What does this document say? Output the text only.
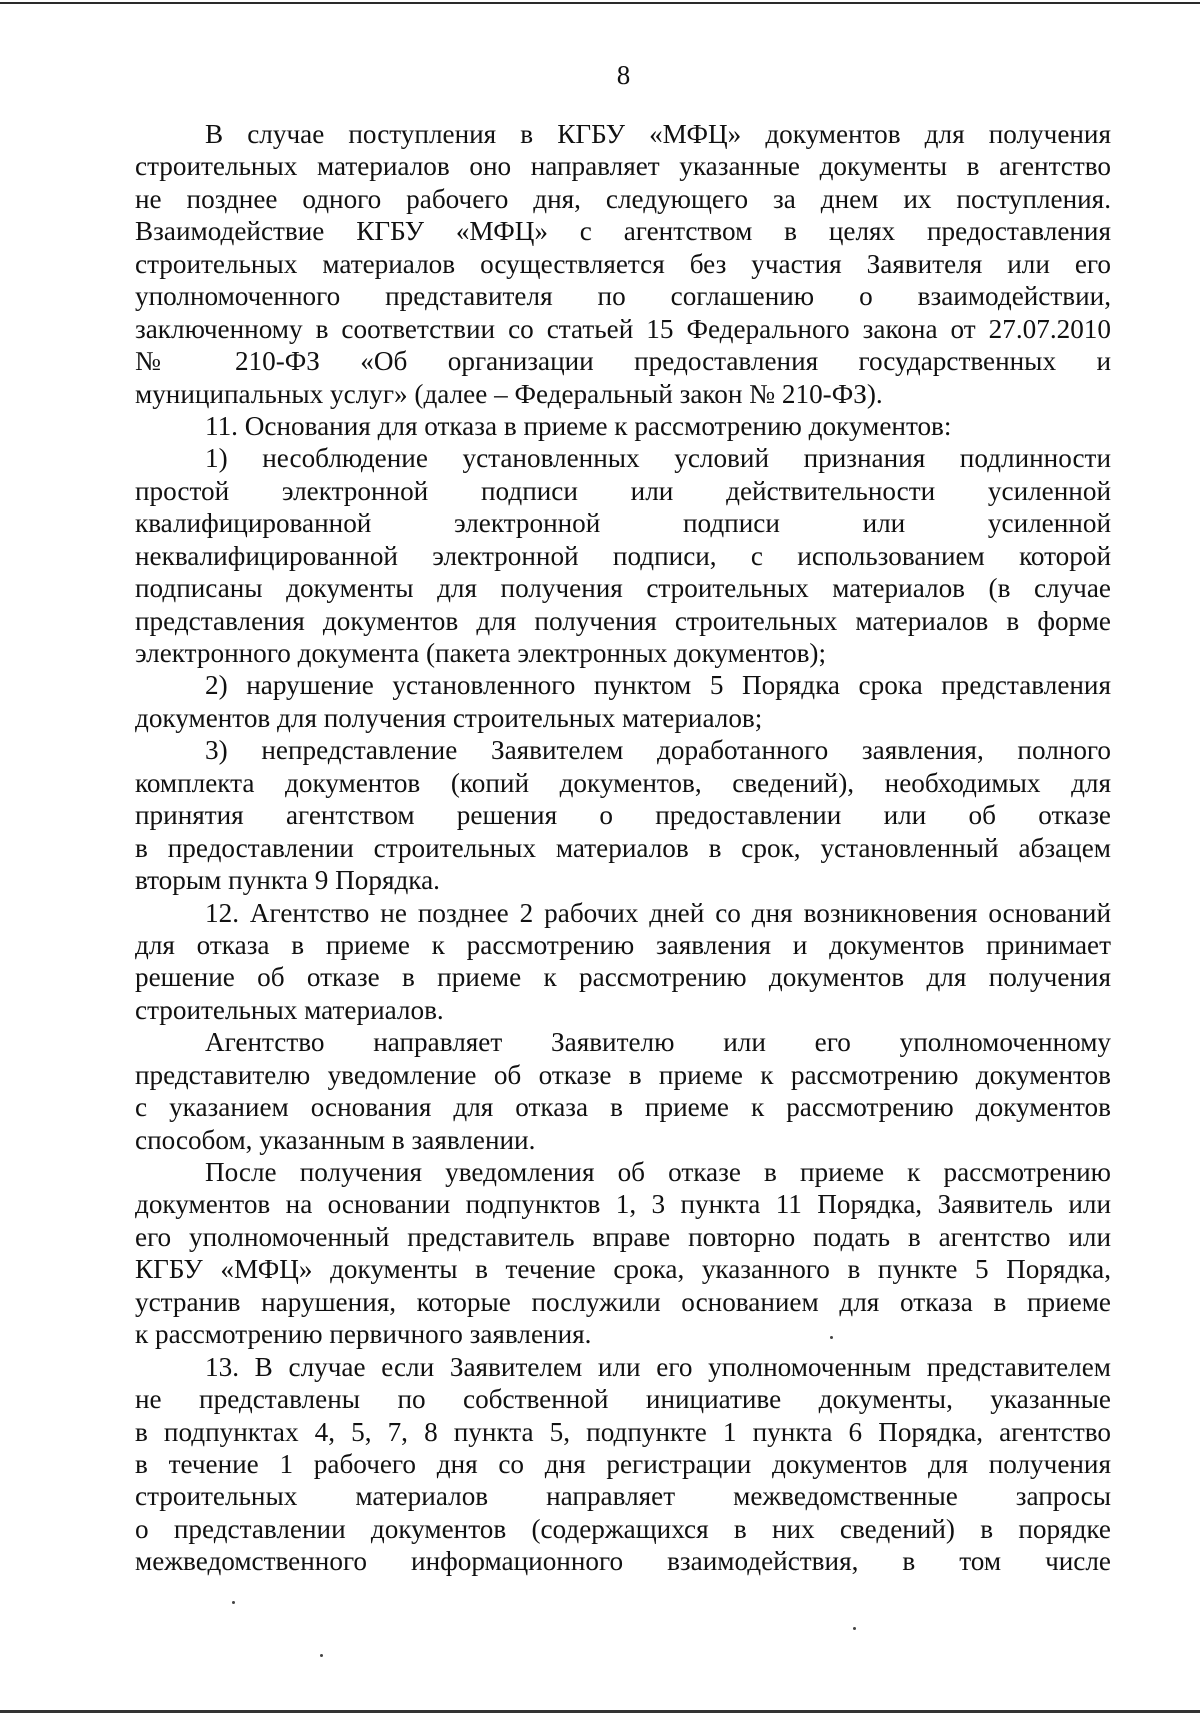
8
В случае поступления в КГБУ «МФЦ» документов для получения
строительных материалов оно направляет указанные документы в агентство
не позднее одного рабочего дня, следующего за днем их поступления.
Взаимодействие КГБУ «МФЦ» с агентством в целях предоставления
строительных материалов осуществляется без участия Заявителя или его
уполномоченного представителя по соглашению о взаимодействии,
заключенному в соответствии со статьей 15 Федерального закона от 27.07.2010
№ 210-ФЗ «Об организации предоставления государственных и
муниципальных услуг» (далее – Федеральный закон № 210-ФЗ).
11. Основания для отказа в приеме к рассмотрению документов:
1) несоблюдение установленных условий признания подлинности
простой электронной подписи или действительности усиленной
квалифицированной электронной подписи или усиленной
неквалифицированной электронной подписи, с использованием которой
подписаны документы для получения строительных материалов (в случае
представления документов для получения строительных материалов в форме
электронного документа (пакета электронных документов);
2) нарушение установленного пунктом 5 Порядка срока представления
документов для получения строительных материалов;
3) непредставление Заявителем доработанного заявления, полного
комплекта документов (копий документов, сведений), необходимых для
принятия агентством решения о предоставлении или об отказе
в предоставлении строительных материалов в срок, установленный абзацем
вторым пункта 9 Порядка.
12. Агентство не позднее 2 рабочих дней со дня возникновения оснований
для отказа в приеме к рассмотрению заявления и документов принимает
решение об отказе в приеме к рассмотрению документов для получения
строительных материалов.
Агентство направляет Заявителю или его уполномоченному
представителю уведомление об отказе в приеме к рассмотрению документов
с указанием основания для отказа в приеме к рассмотрению документов
способом, указанным в заявлении.
После получения уведомления об отказе в приеме к рассмотрению
документов на основании подпунктов 1, 3 пункта 11 Порядка, Заявитель или
его уполномоченный представитель вправе повторно подать в агентство или
КГБУ «МФЦ» документы в течение срока, указанного в пункте 5 Порядка,
устранив нарушения, которые послужили основанием для отказа в приеме
к рассмотрению первичного заявления.
13. В случае если Заявителем или его уполномоченным представителем
не представлены по собственной инициативе документы, указанные
в подпунктах 4, 5, 7, 8 пункта 5, подпункте 1 пункта 6 Порядка, агентство
в течение 1 рабочего дня со дня регистрации документов для получения
строительных материалов направляет межведомственные запросы
о представлении документов (содержащихся в них сведений) в порядке
межведомственного информационного взаимодействия, в том числе
